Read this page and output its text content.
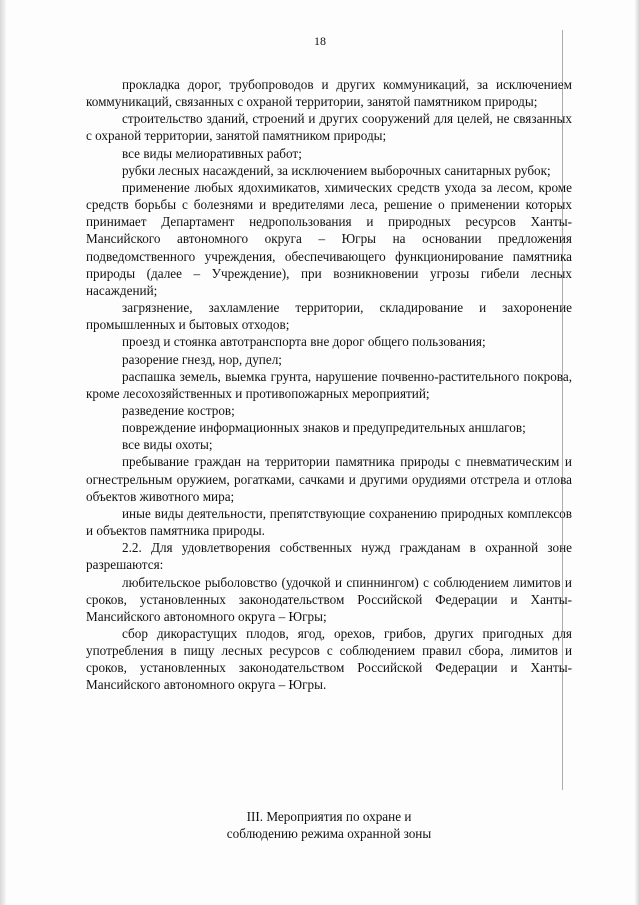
18

прокладка дорог, трубопроводов и других коммуникаций, за исключением коммуникаций, связанных с охраной территории, занятой памятником природы;

строительство зданий, строений и других сооружений для целей, не связанных с охраной территории, занятой памятником природы;

все виды мелиоративных работ;

рубки лесных насаждений, за исключением выборочных санитарных рубок;

применение любых ядохимикатов, химических средств ухода за лесом, кроме средств борьбы с болезнями и вредителями леса, решение о применении которых принимает Департамент недропользования и природных ресурсов Ханты-Мансийского автономного округа – Югры на основании предложения подведомственного учреждения, обеспечивающего функционирование памятника природы (далее – Учреждение), при возникновении угрозы гибели лесных насаждений;

загрязнение, захламление территории, складирование и захоронение промышленных и бытовых отходов;

проезд и стоянка автотранспорта вне дорог общего пользования;

разорение гнезд, нор, дупел;

распашка земель, выемка грунта, нарушение почвенно-растительного покрова, кроме лесохозяйственных и противопожарных мероприятий;

разведение костров;

повреждение информационных знаков и предупредительных аншлагов;

все виды охоты;

пребывание граждан на территории памятника природы с пневматическим и огнестрельным оружием, рогатками, сачками и другими орудиями отстрела и отлова объектов животного мира;

иные виды деятельности, препятствующие сохранению природных комплексов и объектов памятника природы.

2.2. Для удовлетворения собственных нужд гражданам в охранной зоне разрешаются:

любительское рыболовство (удочкой и спиннингом) с соблюдением лимитов и сроков, установленных законодательством Российской Федерации и Ханты-Мансийского автономного округа – Югры;

сбор дикорастущих плодов, ягод, орехов, грибов, других пригодных для употребления в пищу лесных ресурсов с соблюдением правил сбора, лимитов и сроков, установленных законодательством Российской Федерации и Ханты-Мансийского автономного округа – Югры.

III. Мероприятия по охране и
соблюдению режима охранной зоны
